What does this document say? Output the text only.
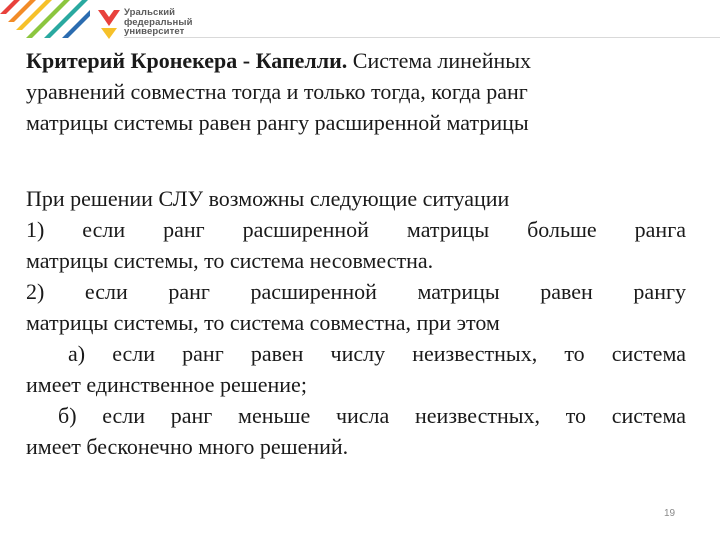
Уральский
федеральный
университет
Критерий Кронекера - Капелли. Система линейных
уравнений совместна тогда и только тогда, когда ранг
матрицы системы равен рангу расширенной матрицы
При решении СЛУ возможны следующие ситуации
1) если ранг расширенной матрицы больше ранга
матрицы системы, то система несовместна.
2) если ранг расширенной матрицы равен рангу
матрицы системы, то система совместна, при этом
а) если ранг равен числу неизвестных, то система
имеет единственное решение;
б) если ранг меньше числа неизвестных, то система
имеет бесконечно много решений.
19
